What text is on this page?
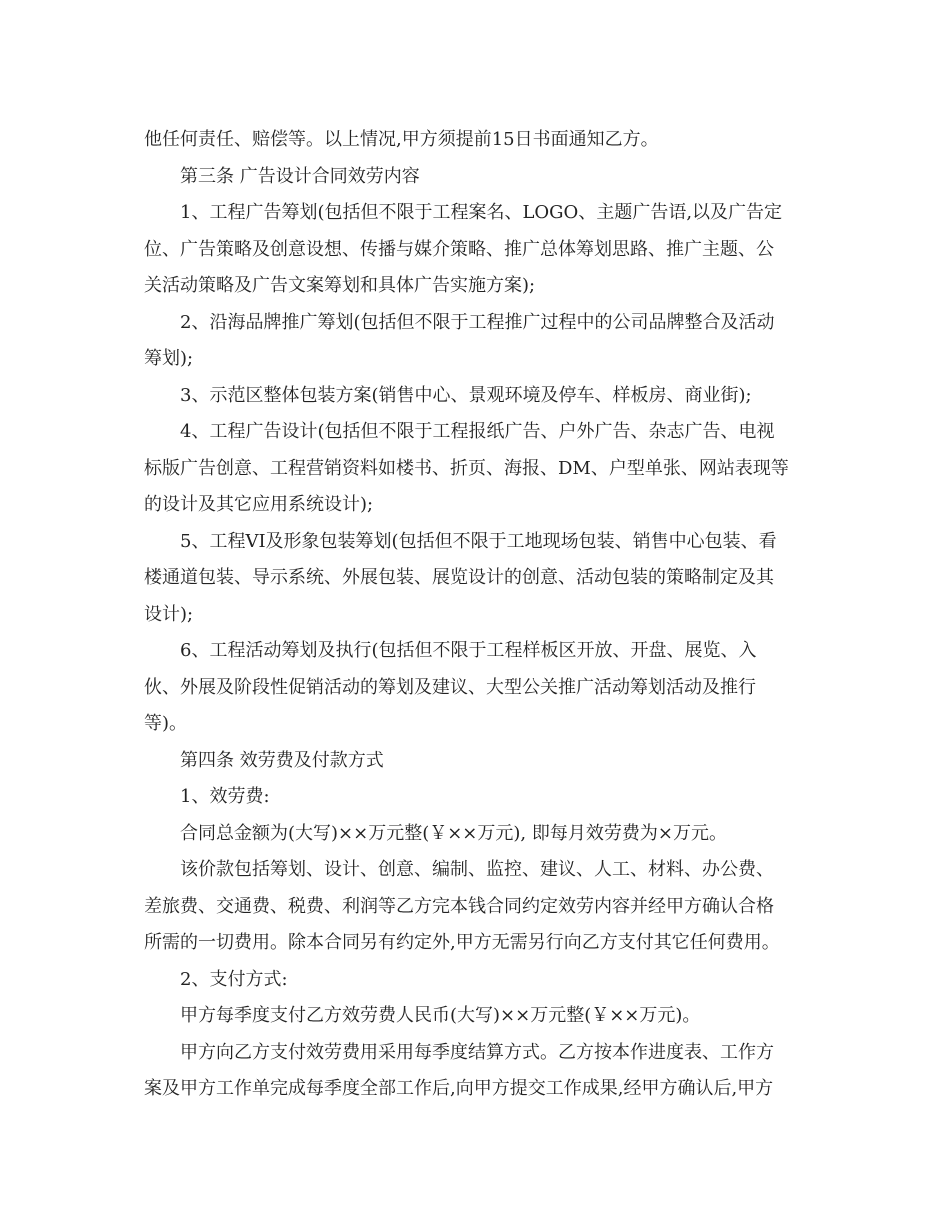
他任何责任、赔偿等。以上情况,甲方须提前15日书面通知乙方。

第三条 广告设计合同效劳内容

1、工程广告筹划(包括但不限于工程案名、LOGO、主题广告语,以及广告定

位、广告策略及创意设想、传播与媒介策略、推广总体筹划思路、推广主题、公

关活动策略及广告文案筹划和具体广告实施方案);

2、沿海品牌推广筹划(包括但不限于工程推广过程中的公司品牌整合及活动

筹划);

3、示范区整体包装方案(销售中心、景观环境及停车、样板房、商业街);

4、工程广告设计(包括但不限于工程报纸广告、户外广告、杂志广告、电视

标版广告创意、工程营销资料如楼书、折页、海报、DM、户型单张、网站表现等

的设计及其它应用系统设计);

5、工程VI及形象包装筹划(包括但不限于工地现场包装、销售中心包装、看

楼通道包装、导示系统、外展包装、展览设计的创意、活动包装的策略制定及其

设计);

6、工程活动筹划及执行(包括但不限于工程样板区开放、开盘、展览、入

伙、外展及阶段性促销活动的筹划及建议、大型公关推广活动筹划活动及推行

等)。

第四条 效劳费及付款方式

1、效劳费:

合同总金额为(大写)××万元整(￥××万元), 即每月效劳费为×万元。

该价款包括筹划、设计、创意、编制、监控、建议、人工、材料、办公费、

差旅费、交通费、税费、利润等乙方完本钱合同约定效劳内容并经甲方确认合格

所需的一切费用。除本合同另有约定外,甲方无需另行向乙方支付其它任何费用。

2、支付方式:

甲方每季度支付乙方效劳费人民币(大写)××万元整(￥××万元)。

甲方向乙方支付效劳费用采用每季度结算方式。乙方按本作进度表、工作方

案及甲方工作单完成每季度全部工作后,向甲方提交工作成果,经甲方确认后,甲方
